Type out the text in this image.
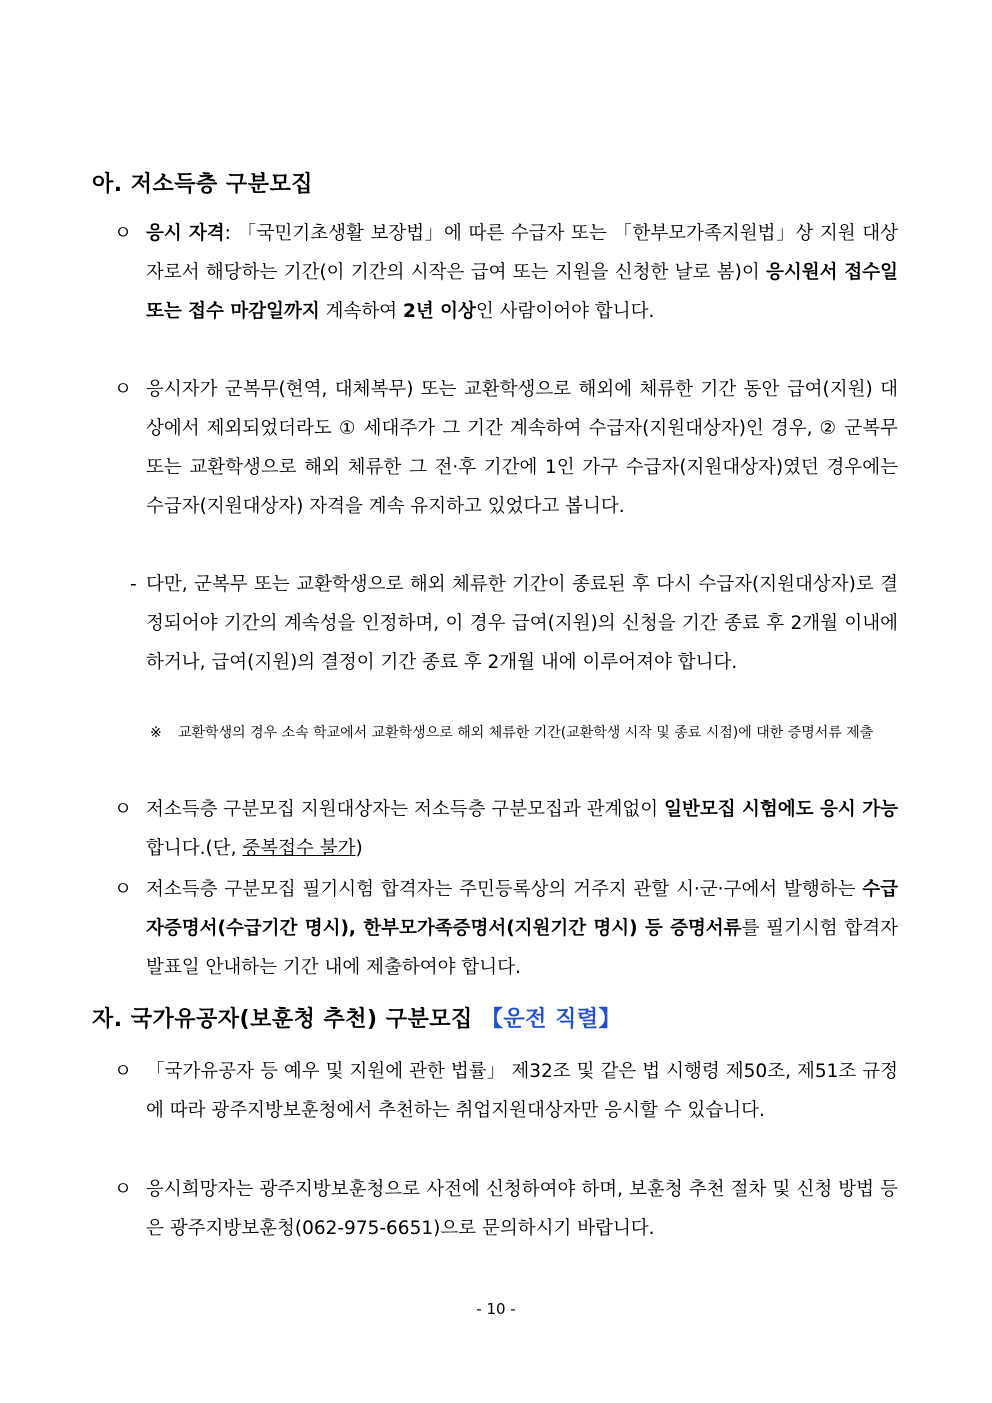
아. 저소득층 구분모집
ㅇ 응시 자격: 「국민기초생활 보장법」에 따른 수급자 또는 「한부모가족지원법」상 지원 대상자로서 해당하는 기간(이 기간의 시작은 급여 또는 지원을 신청한 날로 봄)이 응시원서 접수일 또는 접수 마감일까지 계속하여 2년 이상인 사람이어야 합니다.
ㅇ 응시자가 군복무(현역, 대체복무) 또는 교환학생으로 해외에 체류한 기간 동안 급여(지원) 대상에서 제외되었더라도 ① 세대주가 그 기간 계속하여 수급자(지원대상자)인 경우, ② 군복무 또는 교환학생으로 해외 체류한 그 전·후 기간에 1인 가구 수급자(지원대상자)였던 경우에는 수급자(지원대상자) 자격을 계속 유지하고 있었다고 봅니다.
- 다만, 군복무 또는 교환학생으로 해외 체류한 기간이 종료된 후 다시 수급자(지원대상자)로 결정되어야 기간의 계속성을 인정하며, 이 경우 급여(지원)의 신청을 기간 종료 후 2개월 이내에 하거나, 급여(지원)의 결정이 기간 종료 후 2개월 내에 이루어져야 합니다.
※ 교환학생의 경우 소속 학교에서 교환학생으로 해외 체류한 기간(교환학생 시작 및 종료 시점)에 대한 증명서류 제출
ㅇ 저소득층 구분모집 지원대상자는 저소득층 구분모집과 관계없이 일반모집 시험에도 응시 가능합니다.(단, 중복접수 불가)
ㅇ 저소득층 구분모집 필기시험 합격자는 주민등록상의 거주지 관할 시·군·구에서 발행하는 수급자증명서(수급기간 명시), 한부모가족증명서(지원기간 명시) 등 증명서류를 필기시험 합격자 발표일 안내하는 기간 내에 제출하여야 합니다.
자. 국가유공자(보훈청 추천) 구분모집 【운전 직렬】
ㅇ 「국가유공자 등 예우 및 지원에 관한 법률」 제32조 및 같은 법 시행령 제50조, 제51조 규정에 따라 광주지방보훈청에서 추천하는 취업지원대상자만 응시할 수 있습니다.
ㅇ 응시희망자는 광주지방보훈청으로 사전에 신청하여야 하며, 보훈청 추천 절차 및 신청 방법 등은 광주지방보훈청(062-975-6651)으로 문의하시기 바랍니다.
- 10 -
